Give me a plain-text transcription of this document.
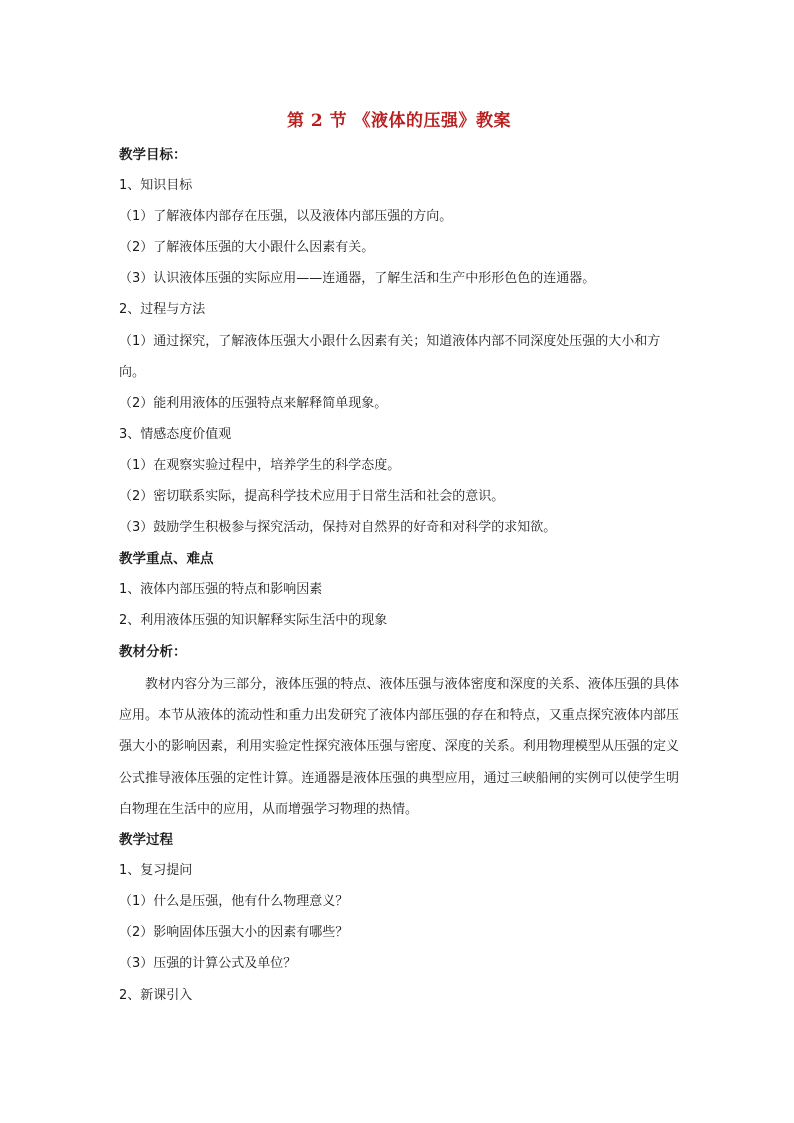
第 2 节 《液体的压强》教案
教学目标：
1、知识目标
（1）了解液体内部存在压强，以及液体内部压强的方向。
（2）了解液体压强的大小跟什么因素有关。
（3）认识液体压强的实际应用——连通器，了解生活和生产中形形色色的连通器。
2、过程与方法
（1）通过探究，了解液体压强大小跟什么因素有关；知道液体内部不同深度处压强的大小和方向。
（2）能利用液体的压强特点来解释简单现象。
3、情感态度价值观
（1）在观察实验过程中，培养学生的科学态度。
（2）密切联系实际，提高科学技术应用于日常生活和社会的意识。
（3）鼓励学生积极参与探究活动，保持对自然界的好奇和对科学的求知欲。
教学重点、难点
1、液体内部压强的特点和影响因素
2、利用液体压强的知识解释实际生活中的现象
教材分析：
教材内容分为三部分，液体压强的特点、液体压强与液体密度和深度的关系、液体压强的具体应用。本节从液体的流动性和重力出发研究了液体内部压强的存在和特点，又重点探究液体内部压强大小的影响因素，利用实验定性探究液体压强与密度、深度的关系。利用物理模型从压强的定义公式推导液体压强的定性计算。连通器是液体压强的典型应用，通过三峡船闸的实例可以使学生明白物理在生活中的应用，从而增强学习物理的热情。
教学过程
1、复习提问
（1）什么是压强，他有什么物理意义？
（2）影响固体压强大小的因素有哪些？
（3）压强的计算公式及单位？
2、新课引入
